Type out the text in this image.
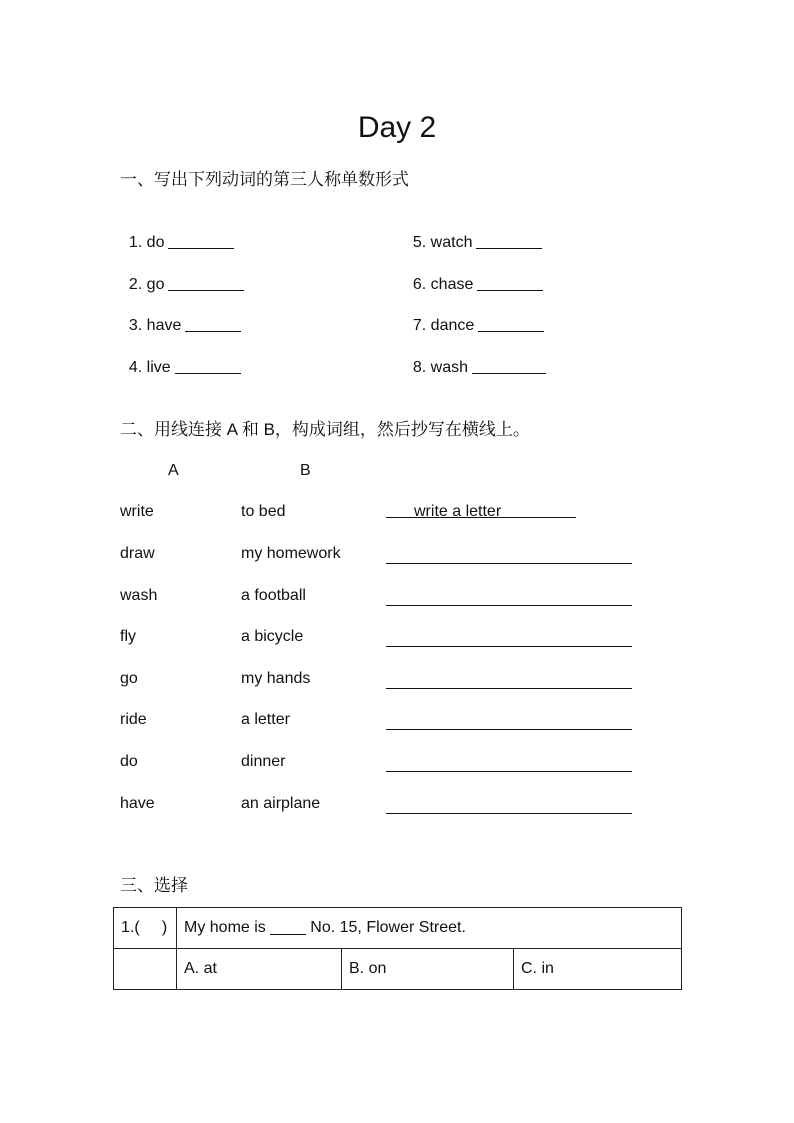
Day 2
一、写出下列动词的第三人称单数形式

1. do

2. go

3. have

4. live

5. watch

6. chase

7. dance

8. wash

二、用线连接 A 和 B，构成词组，然后抄写在横线上。
A	B
write	to bed	write a letter
draw	my homework
wash	a football
fly	a bicycle
go	my hands
ride	a letter
do	dinner
have	an airplane
三、选择
1.(     )	My home is ____ No. 15, Flower Street.		
	A. at	B. on	C. in
